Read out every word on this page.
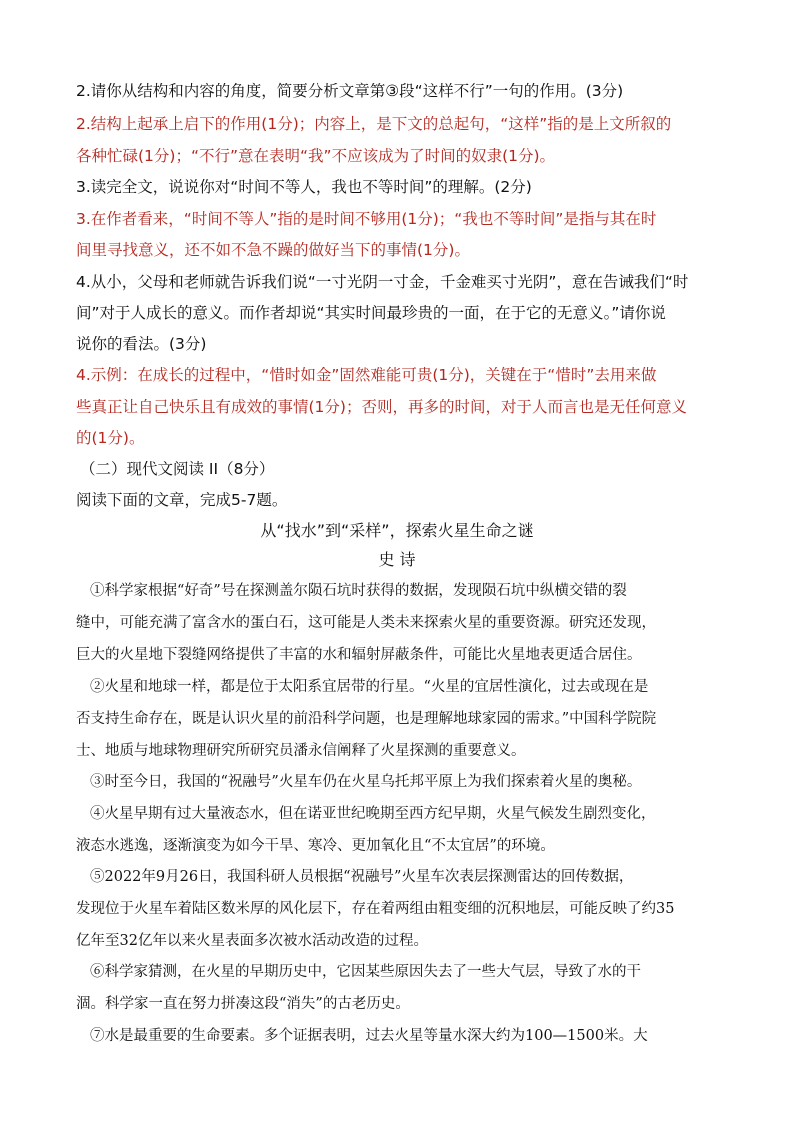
2.请你从结构和内容的角度，简要分析文章第③段“这样不行”一句的作用。(3分)

2.结构上起承上启下的作用(1分)；内容上，是下文的总起句，“这样”指的是上文所叙的

各种忙碌(1分)；“不行”意在表明“我”不应该成为了时间的奴隶(1分)。

3.读完全文，说说你对“时间不等人，我也不等时间”的理解。(2分)

3.在作者看来，“时间不等人”指的是时间不够用(1分)；“我也不等时间”是指与其在时

间里寻找意义，还不如不急不躁的做好当下的事情(1分)。

4.从小，父母和老师就告诉我们说“一寸光阴一寸金，千金难买寸光阴”，意在告诫我们“时

间”对于人成长的意义。而作者却说“其实时间最珍贵的一面，在于它的无意义。”请你说

说你的看法。(3分)

4.示例：在成长的过程中，“惜时如金”固然难能可贵(1分)，关键在于“惜时”去用来做

些真正让自己快乐且有成效的事情(1分)；否则，再多的时间，对于人而言也是无任何意义

的(1分)。

（二）现代文阅读 II（8分）

阅读下面的文章，完成5-7题。

从“找水”到“采样”，探索火星生命之谜

史 诗

①科学家根据“好奇”号在探测盖尔陨石坑时获得的数据，发现陨石坑中纵横交错的裂

缝中，可能充满了富含水的蛋白石，这可能是人类未来探索火星的重要资源。研究还发现，

巨大的火星地下裂缝网络提供了丰富的水和辐射屏蔽条件，可能比火星地表更适合居住。

②火星和地球一样，都是位于太阳系宜居带的行星。“火星的宜居性演化，过去或现在是

否支持生命存在，既是认识火星的前沿科学问题，也是理解地球家园的需求。”中国科学院院

士、地质与地球物理研究所研究员潘永信阐释了火星探测的重要意义。

③时至今日，我国的“祝融号”火星车仍在火星乌托邦平原上为我们探索着火星的奥秘。

④火星早期有过大量液态水，但在诺亚世纪晚期至西方纪早期，火星气候发生剧烈变化，

液态水逃逸，逐渐演变为如今干旱、寒冷、更加氧化且“不太宜居”的环境。

⑤2022年9月26日，我国科研人员根据“祝融号”火星车次表层探测雷达的回传数据，

发现位于火星车着陆区数米厚的风化层下，存在着两组由粗变细的沉积地层，可能反映了约35

亿年至32亿年以来火星表面多次被水活动改造的过程。

⑥科学家猜测，在火星的早期历史中，它因某些原因失去了一些大气层，导致了水的干

涸。科学家一直在努力拼凑这段“消失”的古老历史。

⑦水是最重要的生命要素。多个证据表明，过去火星等量水深大约为100—1500米。大
